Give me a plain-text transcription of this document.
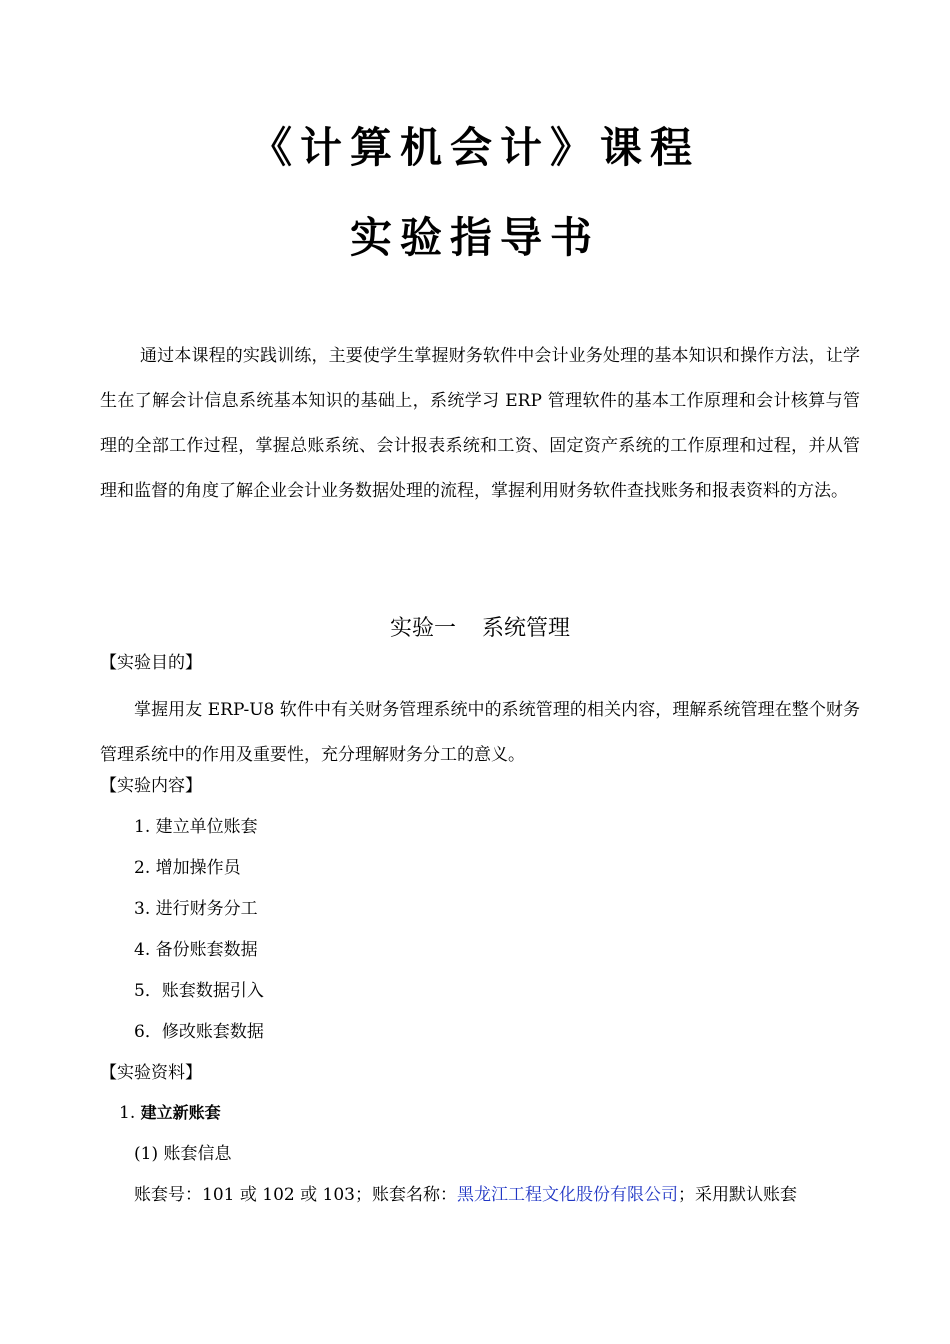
《计算机会计》课程
实验指导书

通过本课程的实践训练，主要使学生掌握财务软件中会计业务处理的基本知识和操作方法，让学生在了解会计信息系统基本知识的基础上，系统学习 ERP 管理软件的基本工作原理和会计核算与管理的全部工作过程，掌握总账系统、会计报表系统和工资、固定资产系统的工作原理和过程，并从管理和监督的角度了解企业会计业务数据处理的流程，掌握利用财务软件查找账务和报表资料的方法。

实验一 系统管理
【实验目的】

掌握用友 ERP-U8 软件中有关财务管理系统中的系统管理的相关内容，理解系统管理在整个财务管理系统中的作用及重要性，充分理解财务分工的意义。

【实验内容】
1. 建立单位账套
2. 增加操作员
3. 进行财务分工
4. 备份账套数据
5．账套数据引入
6．修改账套数据
【实验资料】
1. 建立新账套
(1) 账套信息
账套号：101 或 102 或 103；账套名称：黑龙江工程文化股份有限公司；采用默认账套
